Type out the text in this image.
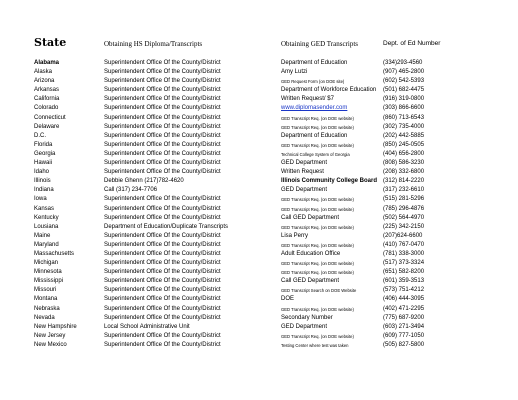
State	Obtaining HS Diploma/Transcripts	Obtaining GED Transcripts	Dept. of Ed Number
Alabama	Superintendent Office Of the County/District	Department of Education	(334)293-4560
Alaska	Superintendent Office Of the County/District	Amy Lutzi	(907) 465-2800
Arizona	Superintendent Office Of the County/District	GED Request Form (on DOE site)	(602) 542-5393
Arkansas	Superintendent Office Of the County/District	Department of Workforce Education (501) 682-4475
California	Superintendent Office Of the County/District	Written Request/ $7	(916) 319-0800
Colorado	Superintendent Office Of the County/District	www.diplomasender.com	(303) 866-6600
Connecticut	Superintendent Office Of the County/District	GED Transcript Req. (on DOE website)	(860) 713-6543
Delaware	Superintendent Office Of the County/District	GED Transcript Req. (on DOE website)	(302) 735-4000
D.C.	Superintendent Office Of the County/District	Department of Education	(202) 442-5885
Florida	Superintendent Office Of the County/District	GED Transcript Req. (on DOE website)	(850) 245-0505
Georgia	Superintendent Office Of the County/District	Technical College System of Georgia	(404) 656-2800
Hawaii	Superintendent Office Of the County/District	GED Department	(808) 586-3230
Idaho	Superintendent Office Of the County/District	Written Request	(208) 332-6800
Illinois	Debbie Ghenn (217)782-4620	Illinois Community College Board (312) 814-2220
Indiana	Call (317) 234-7706	GED Department	(317) 232-6610
Iowa	Superintendent Office Of the County/District	GED Transcript Req. (on DOE website)	(515) 281-5296
Kansas	Superintendent Office Of the County/District	GED Transcript Req. (on DOE website)	(785) 296-4876
Kentucky	Superintendent Office Of the County/District	Call GED Department	(502) 564-4970
Lousiana	Department of Education/Duplicate Transcripts	GED Transcript Req. (on DOE website)	(225) 342-2150
Maine	Superintendent Office Of the County/District	Lisa Perry	(207)624-6600
Maryland	Superintendent Office Of the County/District	GED Transcript Req. (on DOE website)	(410) 767-0470
Massachusetts	Superintendent Office Of the County/District	Adult Education Office	(781) 338-3000
Michigan	Superintendent Office Of the County/District	GED Transcript Req. (on DOE website)	(517) 373-3324
Minnesota	Superintendent Office Of the County/District	GED Transcript Req. (on DOE website)	(651) 582-8200
Mississippi	Superintendent Office Of the County/District	Call GED Department	(601) 359-3513
Missouri	Superintendent Office Of the County/District	GED Transcript Search on DOE Website	(573) 751-4212
Montana	Superintendent Office Of the County/District	DOE	(406) 444-3095
Nebraska	Superintendent Office Of the County/District	GED Transcript Req. (on DOE website)	(402) 471-2295
Nevada	Superintendent Office Of the County/District	Secondary Number	(775) 687-9200
New Hampshire	Local School Administrative Unit	GED Department	(603) 271-3494
New Jersey	Superintendent Office Of the County/District	GED Transcript Req. (on DOE website)	(609) 777-1050
New Mexico	Superintendent Office Of the County/District	Testing Center where test was taken	(505) 827-5800
